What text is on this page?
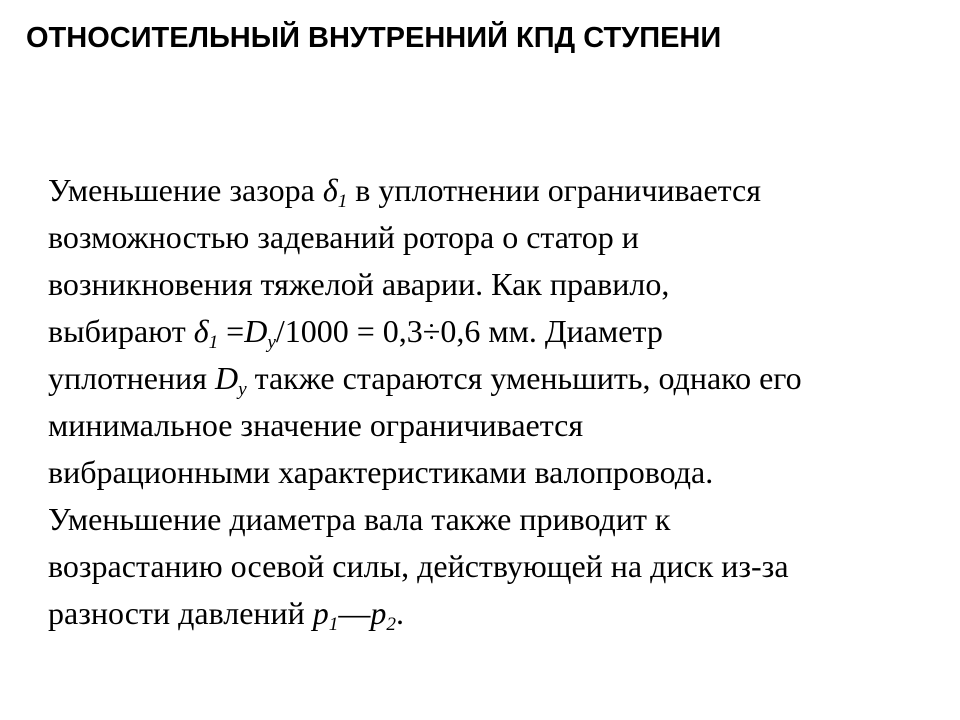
ОТНОСИТЕЛЬНЫЙ ВНУТРЕННИЙ КПД СТУПЕНИ
Уменьшение зазора $\delta_1$ в уплотнении ограничивается
возможностью задеваний ротора о статор и
возникновения тяжелой аварии. Как правило,
выбирают $\delta_1 =D_у/1000 = 0,3\div 0,6$ мм. Диаметр
уплотнения $D_у$ также стараются уменьшить, однако его
минимальное значение ограничивается
вибрационными характеристиками валопровода.
Уменьшение диаметра вала также приводит к
возрастанию осевой силы, действующей на диск из-за
разности давлений $p_1—p_2$.
